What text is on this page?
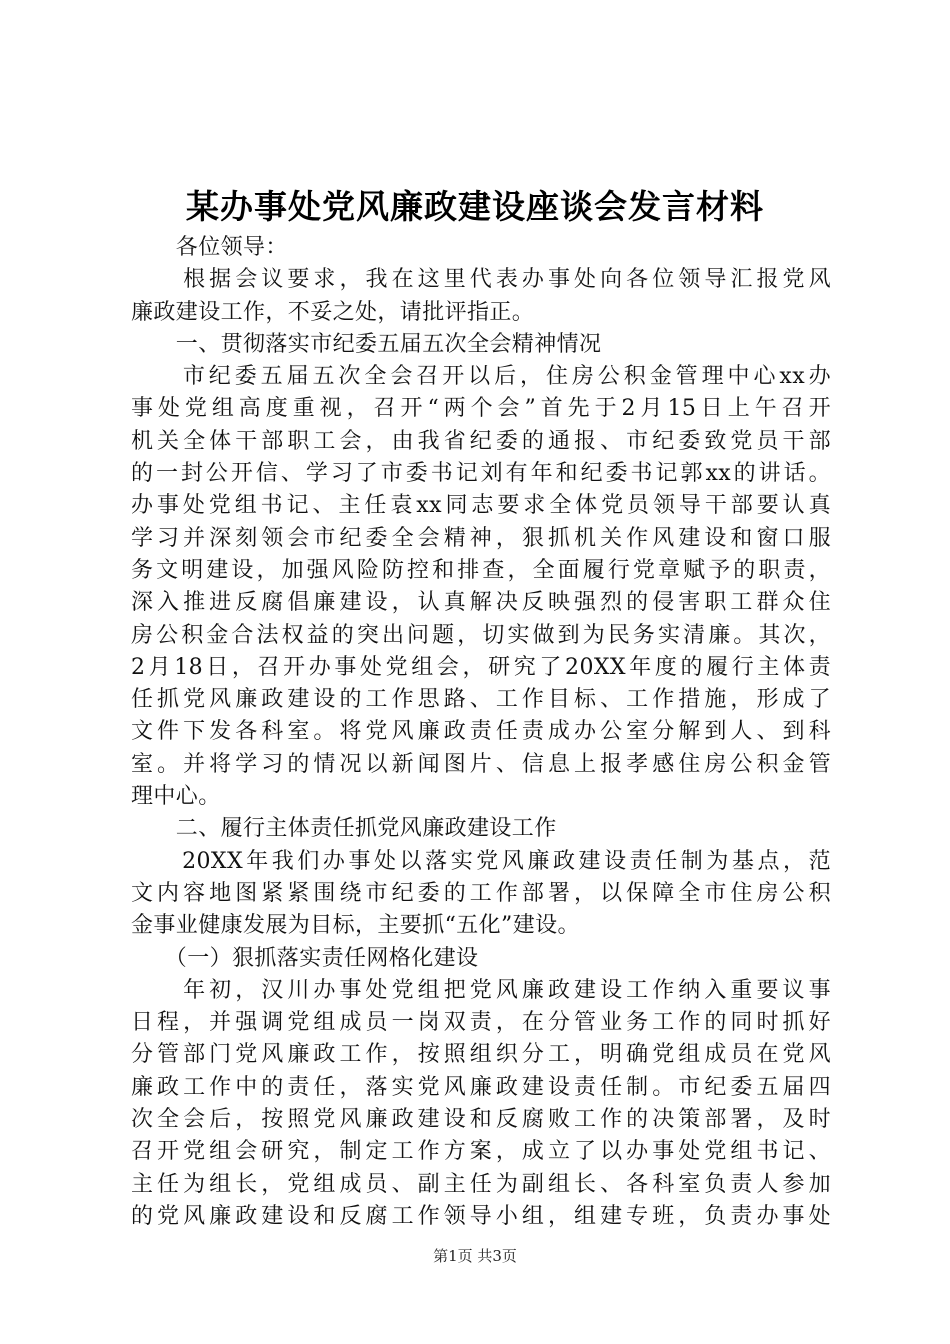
某办事处党风廉政建设座谈会发言材料
　　各位领导：
　　根据会议要求，我在这里代表办事处向各位领导汇报党风
廉政建设工作，不妥之处，请批评指正。
　　一、贯彻落实市纪委五届五次全会精神情况
　　市纪委五届五次全会召开以后，住房公积金管理中心xx办
事处党组高度重视，召开“两个会”首先于2月15日上午召开
机关全体干部职工会，由我省纪委的通报、市纪委致党员干部
的一封公开信、学习了市委书记刘有年和纪委书记郭xx的讲话。
办事处党组书记、主任袁xx同志要求全体党员领导干部要认真
学习并深刻领会市纪委全会精神，狠抓机关作风建设和窗口服
务文明建设，加强风险防控和排查，全面履行党章赋予的职责，
深入推进反腐倡廉建设，认真解决反映强烈的侵害职工群众住
房公积金合法权益的突出问题，切实做到为民务实清廉。其次，
2月18日，召开办事处党组会，研究了20XX年度的履行主体责
任抓党风廉政建设的工作思路、工作目标、工作措施，形成了
文件下发各科室。将党风廉政责任责成办公室分解到人、到科
室。并将学习的情况以新闻图片、信息上报孝感住房公积金管
理中心。
　　二、履行主体责任抓党风廉政建设工作
　　20XX年我们办事处以落实党风廉政建设责任制为基点，范
文内容地图紧紧围绕市纪委的工作部署，以保障全市住房公积
金事业健康发展为目标，主要抓“五化”建设。
　　（一）狠抓落实责任网格化建设
　　年初，汉川办事处党组把党风廉政建设工作纳入重要议事
日程，并强调党组成员一岗双责，在分管业务工作的同时抓好
分管部门党风廉政工作，按照组织分工，明确党组成员在党风
廉政工作中的责任，落实党风廉政建设责任制。市纪委五届四
次全会后，按照党风廉政建设和反腐败工作的决策部署，及时
召开党组会研究，制定工作方案，成立了以办事处党组书记、
主任为组长，党组成员、副主任为副组长、各科室负责人参加
的党风廉政建设和反腐工作领导小组，组建专班，负责办事处
第1页 共3页
